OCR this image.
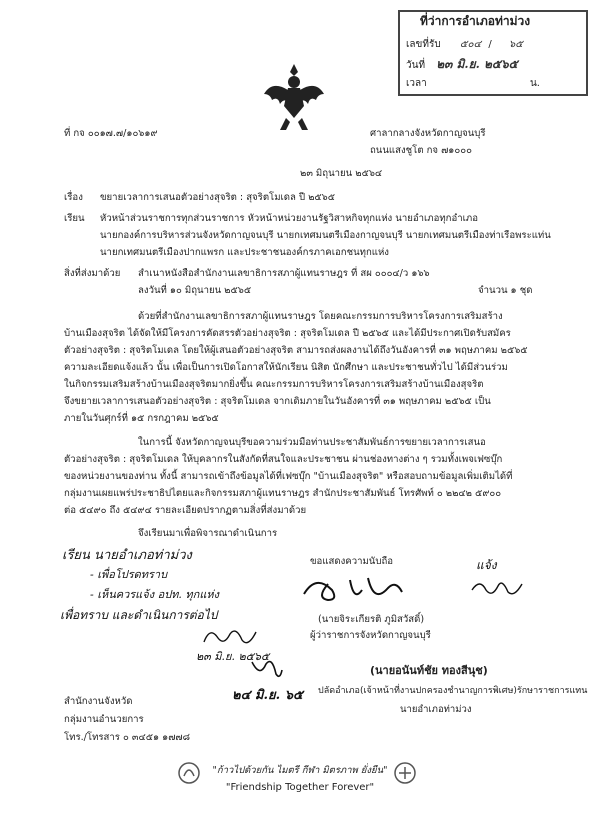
ที่ว่าการอำเภอท่าม่วง
เลขที่รับ ๕๐๔ / ๖๕
วันที่ ๒๓ มิ.ย. ๒๕๖๕
เวลา	น.
ที่ กจ ๐๐๑๗.๗/๑๐๖๑๙	ศาลากลางจังหวัดกาญจนบุรี
ถนนแสงชูโต กจ ๗๑๐๐๐
๒๓ มิถุนายน ๒๕๖๔
เรื่อง ขยายเวลาการเสนอตัวอย่างสุจริต : สุจริตโมเดล ปี ๒๕๖๕
เรียน หัวหน้าส่วนราชการทุกส่วนราชการ หัวหน้าหน่วยงานรัฐวิสาหกิจทุกแห่ง นายอำเภอทุกอำเภอ
นายกองค์การบริหารส่วนจังหวัดกาญจนบุรี นายกเทศมนตรีเมืองกาญจนบุรี นายกเทศมนตรีเมืองท่าเรือพระแท่น
นายกเทศมนตรีเมืองปากแพรก และประชาชนองค์กรภาคเอกชนทุกแห่ง
สิ่งที่ส่งมาด้วย สำเนาหนังสือสำนักงานเลขาธิการสภาผู้แทนราษฎร ที่ สผ ๐๐๐๔/ว ๑๖๖
ลงวันที่ ๑๐ มิถุนายน ๒๕๖๕	จำนวน ๑ ชุด
ด้วยที่สำนักงานเลขาธิการสภาผู้แทนราษฎร โดยคณะกรรมการบริหารโครงการเสริมสร้าง
บ้านเมืองสุจริต ได้จัดให้มีโครงการคัดสรรตัวอย่างสุจริต : สุจริตโมเดล ปี ๒๕๖๕ และได้มีประกาศเปิดรับสมัคร
ตัวอย่างสุจริต : สุจริตโมเดล โดยให้ผู้เสนอตัวอย่างสุจริต สามารถส่งผลงานได้ถึงวันอังคารที่ ๓๑ พฤษภาคม ๒๕๖๕
ความละเอียดแจ้งแล้ว นั้น เพื่อเป็นการเปิดโอกาสให้นักเรียน นิสิต นักศึกษา และประชาชนทั่วไป ได้มีส่วนร่วม
ในกิจกรรมเสริมสร้างบ้านเมืองสุจริตมากยิ่งขึ้น คณะกรรมการบริหารโครงการเสริมสร้างบ้านเมืองสุจริต
จึงขยายเวลาการเสนอตัวอย่างสุจริต : สุจริตโมเดล จากเดิมภายในวันอังคารที่ ๓๑ พฤษภาคม ๒๕๖๕ เป็น
ภายในวันศุกร์ที่ ๑๕ กรกฎาคม ๒๕๖๕
ในการนี้ จังหวัดกาญจนบุรีขอความร่วมมือท่านประชาสัมพันธ์การขยายเวลาการเสนอ
ตัวอย่างสุจริต : สุจริตโมเดล ให้บุคลากรในสังกัดที่สนใจและประชาชน ผ่านช่องทางต่าง ๆ รวมทั้งเพจเฟซบุ๊ก
ของหน่วยงานของท่าน ทั้งนี้ สามารถเข้าถึงข้อมูลได้ที่เฟซบุ๊ก "บ้านเมืองสุจริต" หรือสอบถามข้อมูลเพิ่มเติมได้ที่
กลุ่มงานเผยแพร่ประชาธิปไตยและกิจกรรมสภาผู้แทนราษฎร สำนักประชาสัมพันธ์ โทรศัพท์ ๐ ๒๒๔๒ ๕๙๐๐
ต่อ ๕๔๙๐ ถึง ๕๔๙๔ รายละเอียดปรากฏตามสิ่งที่ส่งมาด้วย
จึงเรียนมาเพื่อพิจารณาดำเนินการ
เรียน นายอำเภอท่าม่วง
- เพื่อโปรดทราบ
- เห็นควรแจ้ง อปท. ทุกแห่ง
เพื่อทราบ และดำเนินการต่อไป
๒๓ มิ.ย. ๒๕๖๕
ขอแสดงความนับถือ
(นายจิระเกียรติ ภูมิสวัสดิ์)
ผู้ว่าราชการจังหวัดกาญจนบุรี
แจ้ง
๒๔ มิ.ย. ๖๕
(นายอนันท์ชัย ทองสีนุช)
ปลัดอำเภอ(เจ้าหน้าที่งานปกครองชำนาญการพิเศษ)รักษาราชการแทน
นายอำเภอท่าม่วง
สำนักงานจังหวัด
กลุ่มงานอำนวยการ
โทร./โทรสาร ๐ ๓๔๕๑ ๑๗๗๘
"ก้าวไปด้วยกัน ไมตรี กีฬา มิตรภาพ ยั่งยืน"
"Friendship Together Forever"
